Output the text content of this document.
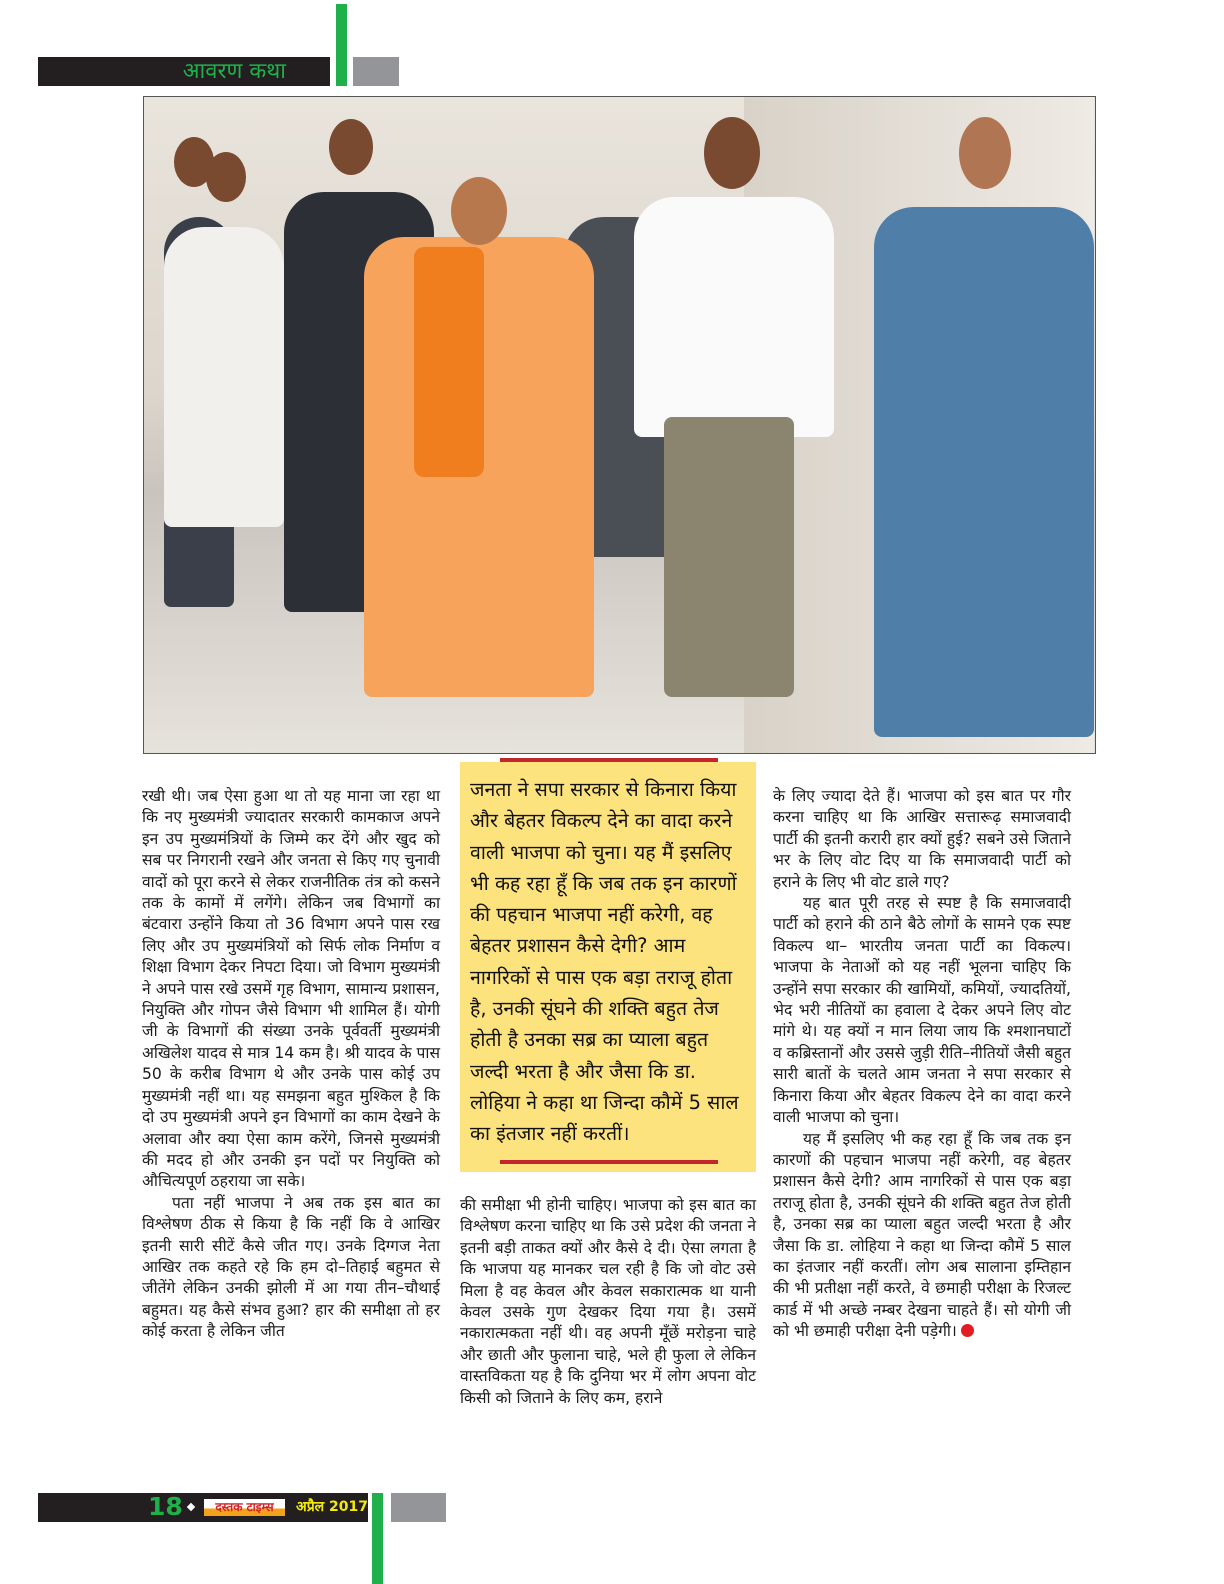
आवरण कथा

रखी थी। जब ऐसा हुआ था तो यह माना जा रहा था कि नए मुख्यमंत्री ज्यादातर सरकारी कामकाज अपने इन उप मुख्यमंत्रियों के जिम्मे कर देंगे और खुद को सब पर निगरानी रखने और जनता से किए गए चुनावी वादों को पूरा करने से लेकर राजनीतिक तंत्र को कसने तक के कामों में लगेंगे। लेकिन जब विभागों का बंटवारा उन्होंने किया तो 36 विभाग अपने पास रख लिए और उप मुख्यमंत्रियों को सिर्फ लोक निर्माण व शिक्षा विभाग देकर निपटा दिया। जो विभाग मुख्यमंत्री ने अपने पास रखे उसमें गृह विभाग, सामान्य प्रशासन, नियुक्ति और गोपन जैसे विभाग भी शामिल हैं। योगी जी के विभागों की संख्या उनके पूर्ववर्ती मुख्यमंत्री अखिलेश यादव से मात्र 14 कम है। श्री यादव के पास 50 के करीब विभाग थे और उनके पास कोई उप मुख्यमंत्री नहीं था। यह समझना बहुत मुश्किल है कि दो उप मुख्यमंत्री अपने इन विभागों का काम देखने के अलावा और क्या ऐसा काम करेंगे, जिनसे मुख्यमंत्री की मदद हो और उनकी इन पदों पर नियुक्ति को औचित्यपूर्ण ठहराया जा सके।

पता नहीं भाजपा ने अब तक इस बात का विश्लेषण ठीक से किया है कि नहीं कि वे आखिर इतनी सारी सीटें कैसे जीत गए। उनके दिग्गज नेता आखिर तक कहते रहे कि हम दो–तिहाई बहुमत से जीतेंगे लेकिन उनकी झोली में आ गया तीन–चौथाई बहुमत। यह कैसे संभव हुआ? हार की समीक्षा तो हर कोई करता है लेकिन जीत

जनता ने सपा सरकार से किनारा किया और बेहतर विकल्प देने का वादा करने वाली भाजपा को चुना। यह मैं इसलिए भी कह रहा हूँ कि जब तक इन कारणों की पहचान भाजपा नहीं करेगी, वह बेहतर प्रशासन कैसे देगी? आम नागरिकों से पास एक बड़ा तराजू होता है, उनकी सूंघने की शक्ति बहुत तेज होती है उनका सब्र का प्याला बहुत जल्दी भरता है और जैसा कि डा. लोहिया ने कहा था जिन्दा कौमें 5 साल का इंतजार नहीं करतीं।

की समीक्षा भी होनी चाहिए। भाजपा को इस बात का विश्लेषण करना चाहिए था कि उसे प्रदेश की जनता ने इतनी बड़ी ताकत क्यों और कैसे दे दी। ऐसा लगता है कि भाजपा यह मानकर चल रही है कि जो वोट उसे मिला है वह केवल और केवल सकारात्मक था यानी केवल उसके गुण देखकर दिया गया है। उसमें नकारात्मकता नहीं थी। वह अपनी मूँछें मरोड़ना चाहे और छाती और फुलाना चाहे, भले ही फुला ले लेकिन वास्तविकता यह है कि दुनिया भर में लोग अपना वोट किसी को जिताने के लिए कम, हराने

के लिए ज्यादा देते हैं। भाजपा को इस बात पर गौर करना चाहिए था कि आखिर सत्तारूढ़ समाजवादी पार्टी की इतनी करारी हार क्यों हुई? सबने उसे जिताने भर के लिए वोट दिए या कि समाजवादी पार्टी को हराने के लिए भी वोट डाले गए?

यह बात पूरी तरह से स्पष्ट है कि समाजवादी पार्टी को हराने की ठाने बैठे लोगों के सामने एक स्पष्ट विकल्प था– भारतीय जनता पार्टी का विकल्प। भाजपा के नेताओं को यह नहीं भूलना चाहिए कि उन्होंने सपा सरकार की खामियों, कमियों, ज्यादतियों, भेद भरी नीतियों का हवाला दे देकर अपने लिए वोट मांगे थे। यह क्यों न मान लिया जाय कि श्मशानघाटों व कब्रिस्तानों और उससे जुड़ी रीति–नीतियों जैसी बहुत सारी बातों के चलते आम जनता ने सपा सरकार से किनारा किया और बेहतर विकल्प देने का वादा करने वाली भाजपा को चुना।

यह मैं इसलिए भी कह रहा हूँ कि जब तक इन कारणों की पहचान भाजपा नहीं करेगी, वह बेहतर प्रशासन कैसे देगी? आम नागरिकों से पास एक बड़ा तराजू होता है, उनकी सूंघने की शक्ति बहुत तेज होती है, उनका सब्र का प्याला बहुत जल्दी भरता है और जैसा कि डा. लोहिया ने कहा था जिन्दा कौमें 5 साल का इंतजार नहीं करतीं। लोग अब सालाना इम्तिहान की भी प्रतीक्षा नहीं करते, वे छमाही परीक्षा के रिजल्ट कार्ड में भी अच्छे नम्बर देखना चाहते हैं। सो योगी जी को भी छमाही परीक्षा देनी पड़ेगी।

18	दस्तक टाइम्स	अप्रैल 2017
